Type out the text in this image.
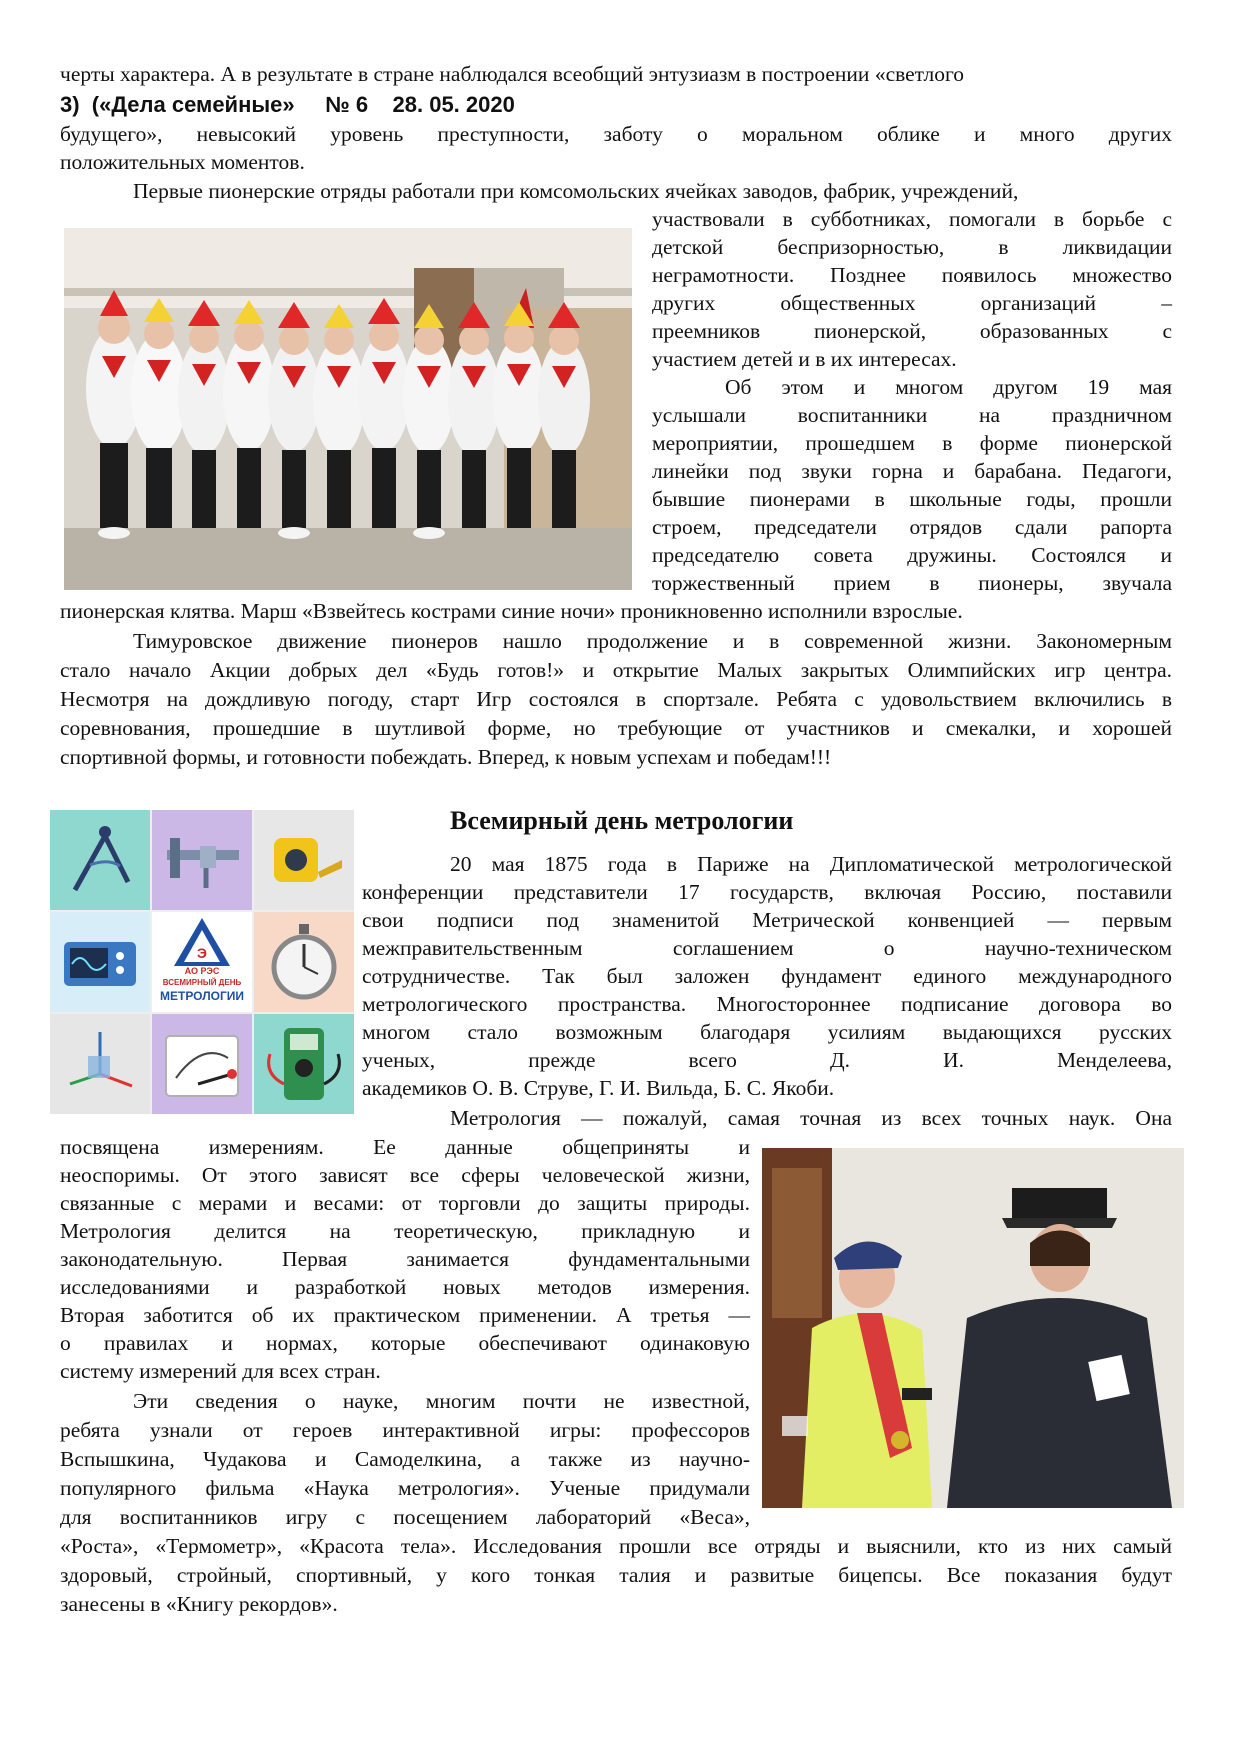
черты характера. А в результате в стране наблюдался всеобщий энтузиазм в построении «светлого
3) («Дела семейные» № 6 28. 05. 2020
будущего», невысокий уровень преступности, заботу о моральном облике и много других
положительных моментов.
Первые пионерские отряды работали при комсомольских ячейках заводов, фабрик, учреждений,
участвовали в субботниках, помогали в борьбе с
детской беспризорностью, в ликвидации
неграмотности. Позднее появилось множество
других общественных организаций –
преемников пионерской, образованных с
участием детей и в их интересах.
Об этом и многом другом 19 мая
услышали воспитанники на праздничном
мероприятии, прошедшем в форме пионерской
линейки под звуки горна и барабана. Педагоги,
бывшие пионерами в школьные годы, прошли
строем, председатели отрядов сдали рапорта
председателю совета дружины. Состоялся и
торжественный прием в пионеры, звучала
пионерская клятва. Марш «Взвейтесь кострами синие ночи» проникновенно исполнили взрослые.
Тимуровское движение пионеров нашло продолжение и в современной жизни. Закономерным
стало начало Акции добрых дел «Будь готов!» и открытие Малых закрытых Олимпийских игр центра.
Несмотря на дождливую погоду, старт Игр состоялся в спортзале. Ребята с удовольствием включились в
соревнования, прошедшие в шутливой форме, но требующие от участников и смекалки, и хорошей
спортивной формы, и готовности побеждать. Вперед, к новым успехам и победам!!!
Э
АО РЭС
ВСЕМИРНЫЙ ДЕНЬ
МЕТРОЛОГИИ
Всемирный день метрологии
20 мая 1875 года в Париже на Дипломатической метрологической
конференции представители 17 государств, включая Россию, поставили
свои подписи под знаменитой Метрической конвенцией — первым
межправительственным соглашением о научно-техническом
сотрудничестве. Так был заложен фундамент единого международного
метрологического пространства. Многостороннее подписание договора во
многом стало возможным благодаря усилиям выдающихся русских
ученых, прежде всего Д. И. Менделеева,
академиков О. В. Струве, Г. И. Вильда, Б. С. Якоби.
Метрология — пожалуй, самая точная из всех точных наук. Она
посвящена измерениям. Ее данные общеприняты и
неоспоримы. От этого зависят все сферы человеческой жизни,
связанные с мерами и весами: от торговли до защиты природы.
Метрология делится на теоретическую, прикладную и
законодательную. Первая занимается фундаментальными
исследованиями и разработкой новых методов измерения.
Вторая заботится об их практическом применении. А третья —
о правилах и нормах, которые обеспечивают одинаковую
систему измерений для всех стран.
Эти сведения о науке, многим почти не известной,
ребята узнали от героев интерактивной игры: профессоров
Вспышкина, Чудакова и Самоделкина, а также из научно-
популярного фильма «Наука метрология». Ученые придумали
для воспитанников игру с посещением лабораторий «Веса»,
«Роста», «Термометр», «Красота тела». Исследования прошли все отряды и выяснили, кто из них самый
здоровый, стройный, спортивный, у кого тонкая талия и развитые бицепсы. Все показания будут
занесены в «Книгу рекордов».
